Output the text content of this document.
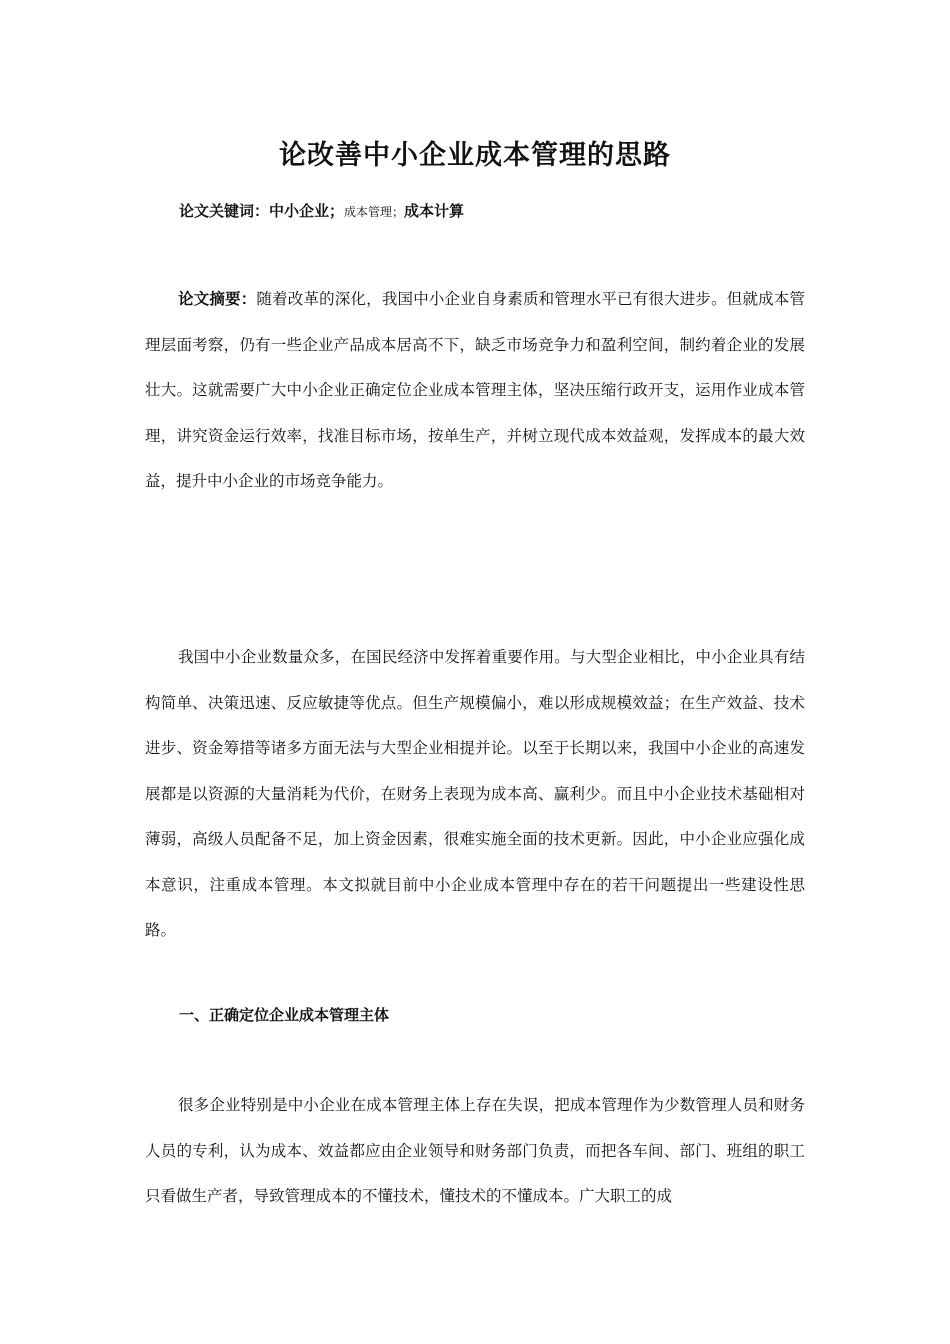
论改善中小企业成本管理的思路
论文关键词：中小企业；成本管理；成本计算

论文摘要：随着改革的深化，我国中小企业自身素质和管理水平已有很大进步。但就成本管理层面考察，仍有一些企业产品成本居高不下，缺乏市场竞争力和盈利空间，制约着企业的发展壮大。这就需要广大中小企业正确定位企业成本管理主体，坚决压缩行政开支，运用作业成本管理，讲究资金运行效率，找准目标市场，按单生产，并树立现代成本效益观，发挥成本的最大效益，提升中小企业的市场竞争能力。

我国中小企业数量众多，在国民经济中发挥着重要作用。与大型企业相比，中小企业具有结构简单、决策迅速、反应敏捷等优点。但生产规模偏小，难以形成规模效益；在生产效益、技术进步、资金筹措等诸多方面无法与大型企业相提并论。以至于长期以来，我国中小企业的高速发展都是以资源的大量消耗为代价，在财务上表现为成本高、赢利少。而且中小企业技术基础相对薄弱，高级人员配备不足，加上资金因素，很难实施全面的技术更新。因此，中小企业应强化成本意识，注重成本管理。本文拟就目前中小企业成本管理中存在的若干问题提出一些建设性思路。

一、正确定位企业成本管理主体

很多企业特别是中小企业在成本管理主体上存在失误，把成本管理作为少数管理人员和财务人员的专利，认为成本、效益都应由企业领导和财务部门负责，而把各车间、部门、班组的职工只看做生产者，导致管理成本的不懂技术，懂技术的不懂成本。广大职工的成
